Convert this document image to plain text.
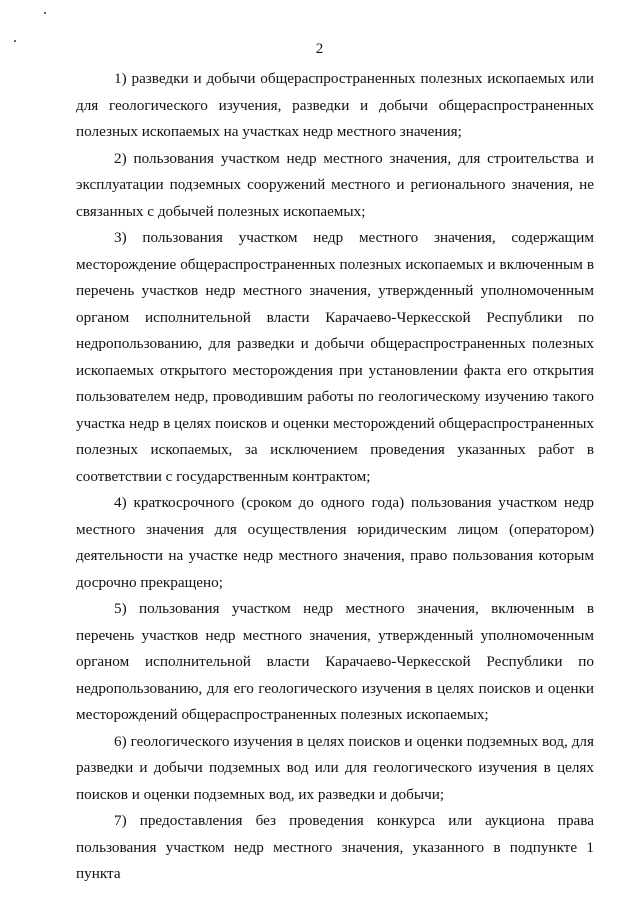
2

1) разведки и добычи общераспространенных полезных ископаемых или для геологического изучения, разведки и добычи общераспространенных полезных ископаемых на участках недр местного значения;

2) пользования участком недр местного значения, для строительства и эксплуатации подземных сооружений местного и регионального значения, не связанных с добычей полезных ископаемых;

3) пользования участком недр местного значения, содержащим месторождение общераспространенных полезных ископаемых и включенным в перечень участков недр местного значения, утвержденный уполномоченным органом исполнительной власти Карачаево-Черкесской Республики по недропользованию, для разведки и добычи общераспространенных полезных ископаемых открытого месторождения при установлении факта его открытия пользователем недр, проводившим работы по геологическому изучению такого участка недр в целях поисков и оценки месторождений общераспространенных полезных ископаемых, за исключением проведения указанных работ в соответствии с государственным контрактом;

4) краткосрочного (сроком до одного года) пользования участком недр местного значения для осуществления юридическим лицом (оператором) деятельности на участке недр местного значения, право пользования которым досрочно прекращено;

5) пользования участком недр местного значения, включенным в перечень участков недр местного значения, утвержденный уполномоченным органом исполнительной власти Карачаево-Черкесской Республики по недропользованию, для его геологического изучения в целях поисков и оценки месторождений общераспространенных полезных ископаемых;

6) геологического изучения в целях поисков и оценки подземных вод, для разведки и добычи подземных вод или для геологического изучения в целях поисков и оценки подземных вод, их разведки и добычи;

7) предоставления без проведения конкурса или аукциона права пользования участком недр местного значения, указанного в подпункте 1 пункта
